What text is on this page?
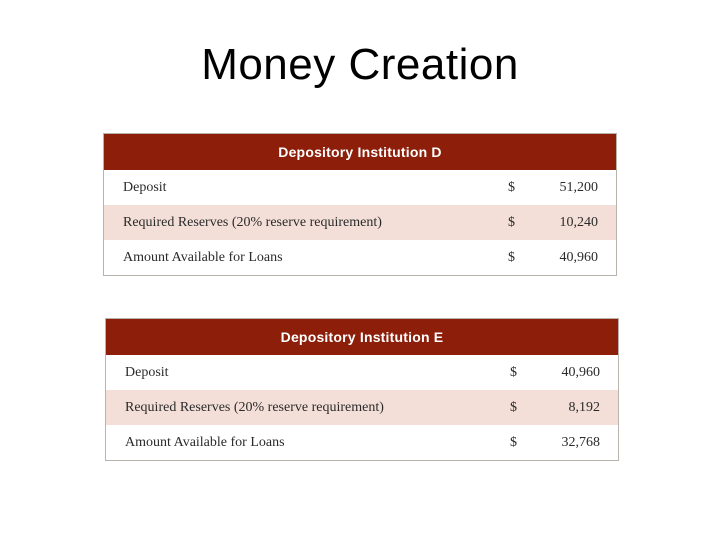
Money Creation
Depository Institution D	
Deposit	$ 51,200

Required Reserves (20% reserve requirement)	$ 10,240

Amount Available for Loans	$ 40,960
Depository Institution E	
Deposit	$ 40,960

Required Reserves (20% reserve requirement)	$ 8,192

Amount Available for Loans	$ 32,768
